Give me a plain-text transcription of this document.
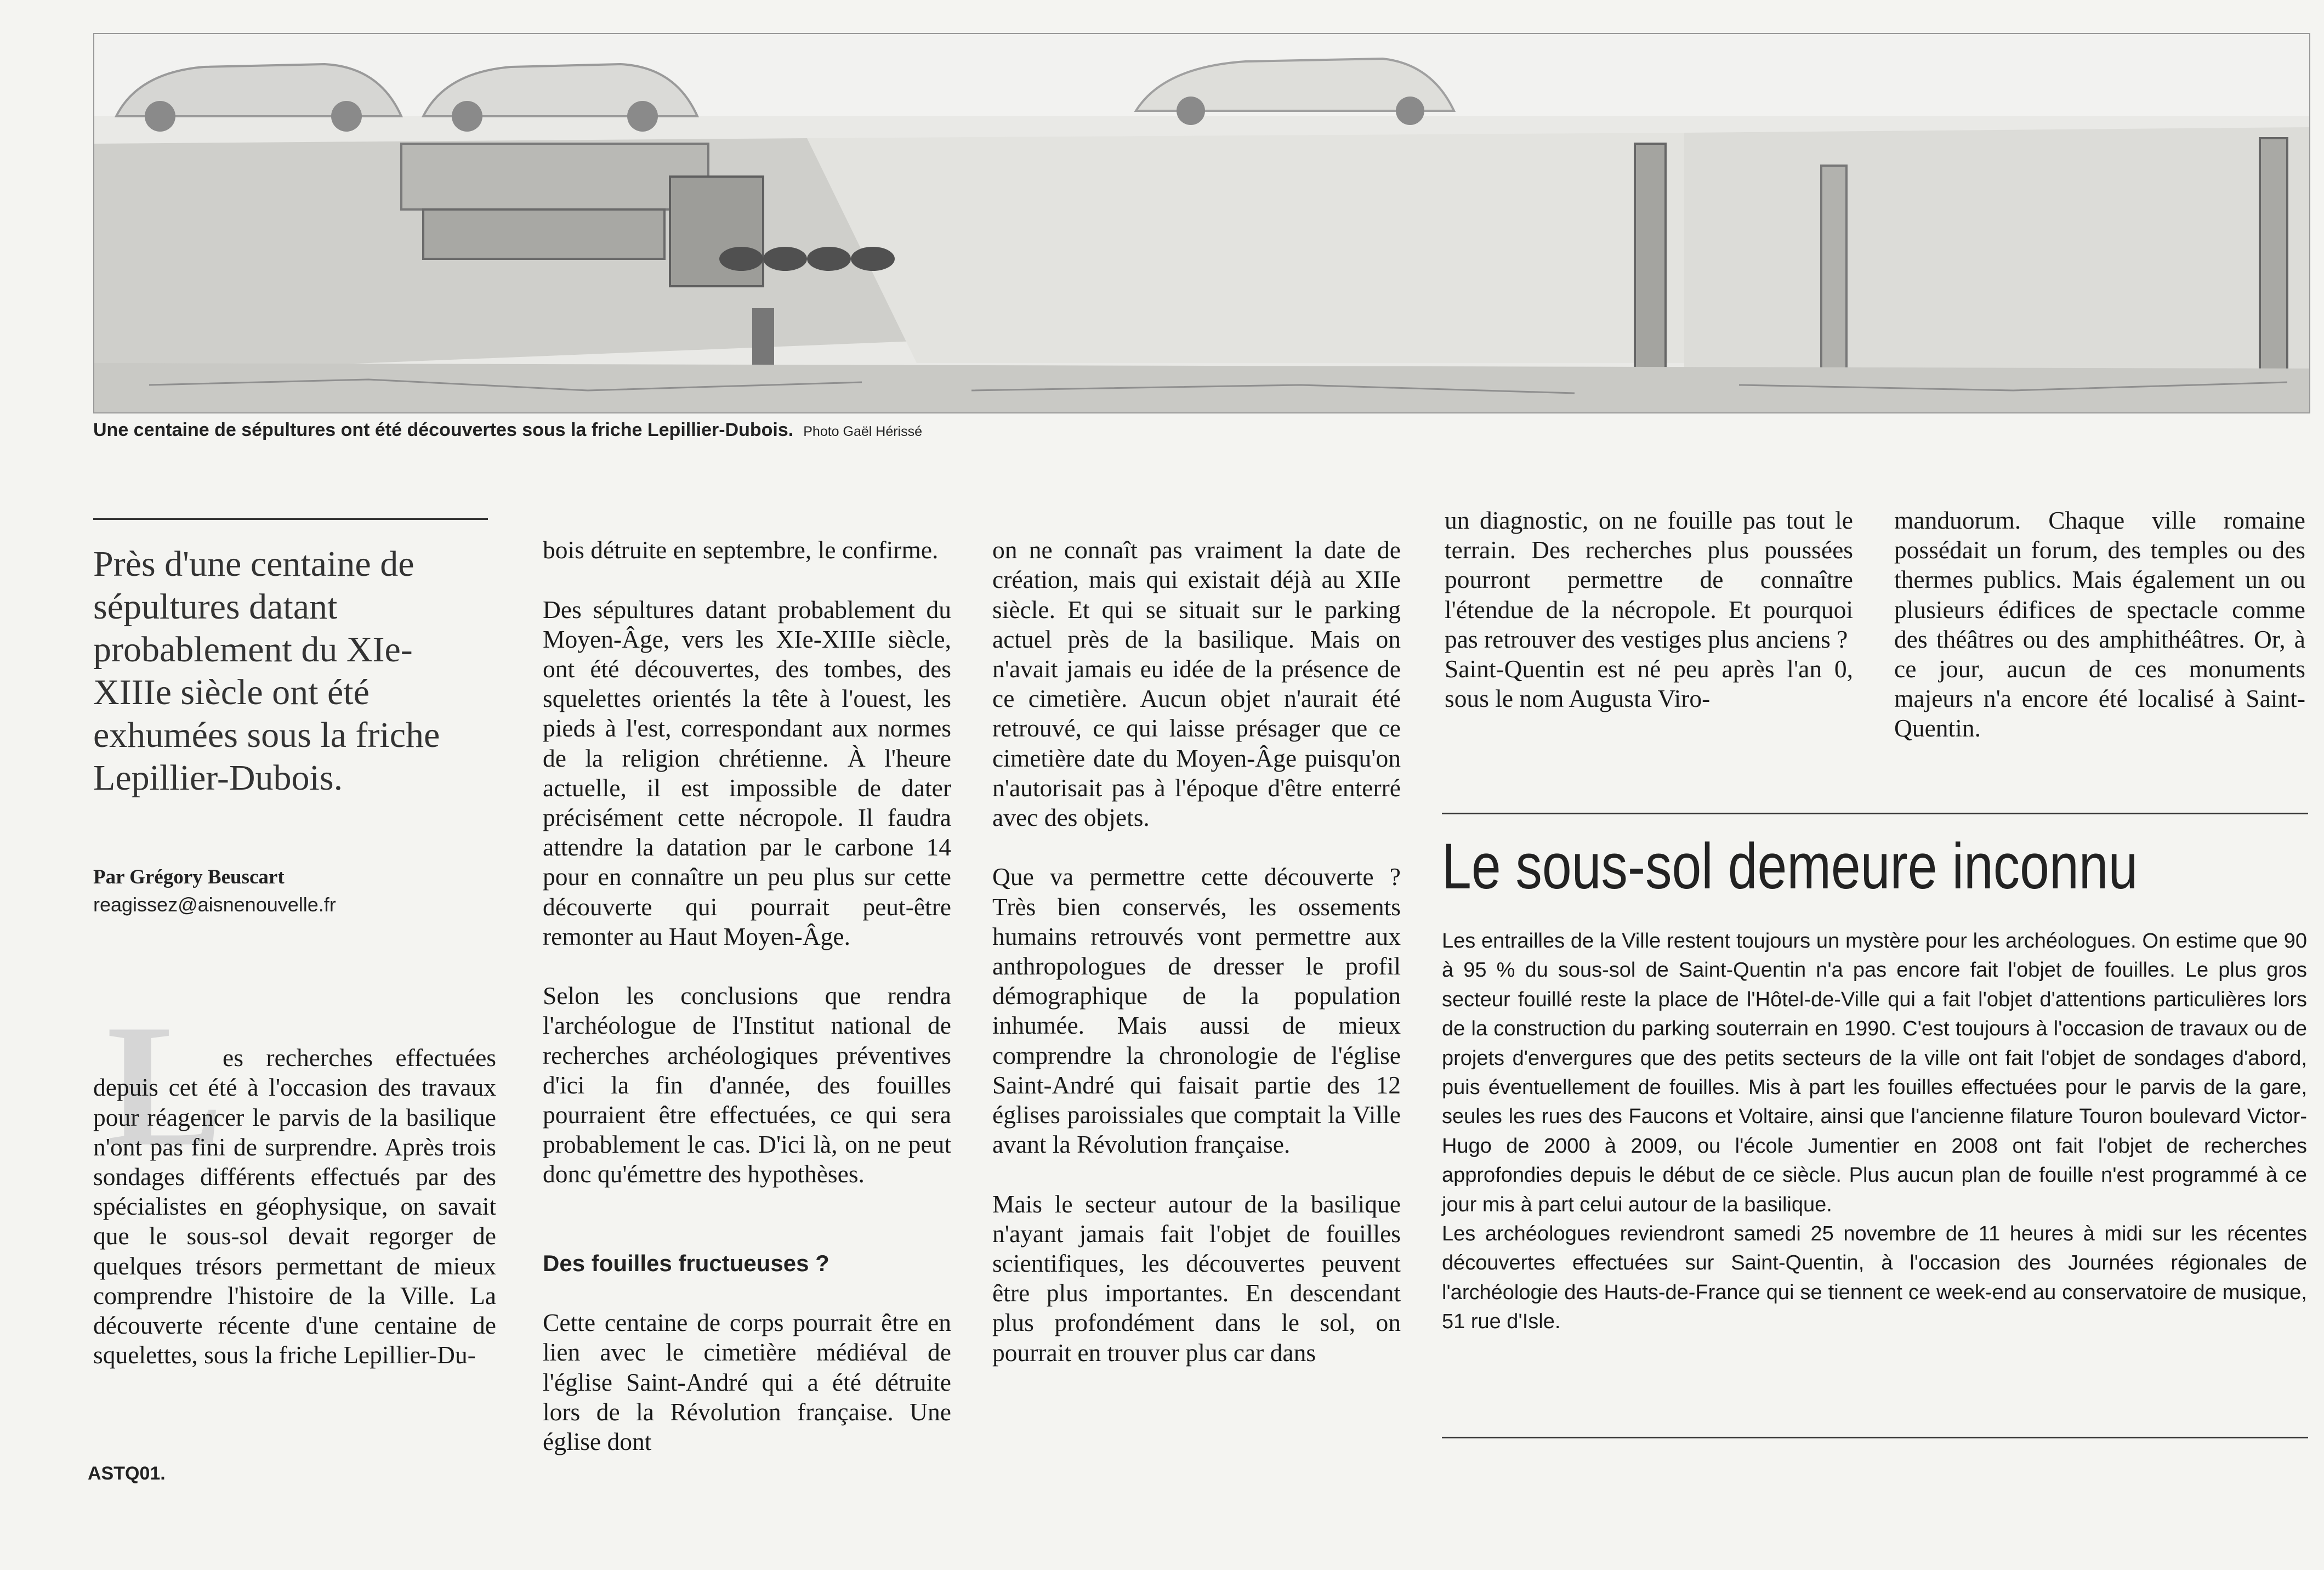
Une centaine de sépultures ont été découvertes sous la friche Lepillier-Dubois. Photo Gaël Hérissé
Près d'une centaine de sépultures datant probablement du XIe-XIIIe siècle ont été exhumées sous la friche Lepillier-Dubois.
Par Grégory Beuscart
reagissez@aisnenouvelle.fr
L

es recherches effectuées depuis cet été à l'occasion des travaux pour réagencer le parvis de la basilique n'ont pas fini de surprendre. Après trois sondages différents effectués par des spécialistes en géophysique, on savait que le sous-sol devait regorger de quelques trésors permettant de mieux comprendre l'histoire de la Ville. La découverte récente d'une centaine de squelettes, sous la friche Lepillier-Du-

bois détruite en septembre, le confirme.

Des sépultures datant probablement du Moyen-Âge, vers les XIe-XIIIe siècle, ont été découvertes, des tombes, des squelettes orientés la tête à l'ouest, les pieds à l'est, correspondant aux normes de la religion chrétienne. À l'heure actuelle, il est impossible de dater précisément cette nécropole. Il faudra attendre la datation par le carbone 14 pour en connaître un peu plus sur cette découverte qui pourrait peut-être remonter au Haut Moyen-Âge.

Selon les conclusions que rendra l'archéologue de l'Institut national de recherches archéologiques préventives d'ici la fin d'année, des fouilles pourraient être effectuées, ce qui sera probablement le cas. D'ici là, on ne peut donc qu'émettre des hypothèses.

Des fouilles fructueuses ?

Cette centaine de corps pourrait être en lien avec le cimetière médiéval de l'église Saint-André qui a été détruite lors de la Révolution française. Une église dont

on ne connaît pas vraiment la date de création, mais qui existait déjà au XIIe siècle. Et qui se situait sur le parking actuel près de la basilique. Mais on n'avait jamais eu idée de la présence de ce cimetière. Aucun objet n'aurait été retrouvé, ce qui laisse présager que ce cimetière date du Moyen-Âge puisqu'on n'autorisait pas à l'époque d'être enterré avec des objets.

Que va permettre cette découverte ? Très bien conservés, les ossements humains retrouvés vont permettre aux anthropologues de dresser le profil démographique de la population inhumée. Mais aussi de mieux comprendre la chronologie de l'église Saint-André qui faisait partie des 12 églises paroissiales que comptait la Ville avant la Révolution française.

Mais le secteur autour de la basilique n'ayant jamais fait l'objet de fouilles scientifiques, les découvertes peuvent être plus importantes. En descendant plus profondément dans le sol, on pourrait en trouver plus car dans

un diagnostic, on ne fouille pas tout le terrain. Des recherches plus poussées pourront permettre de connaître l'étendue de la nécropole. Et pourquoi pas retrouver des vestiges plus anciens ?
Saint-Quentin est né peu après l'an 0, sous le nom Augusta Viro-
manduorum. Chaque ville romaine possédait un forum, des temples ou des thermes publics. Mais également un ou plusieurs édifices de spectacle comme des théâtres ou des amphithéâtres. Or, à ce jour, aucun de ces monuments majeurs n'a encore été localisé à Saint-Quentin.
Le sous-sol demeure inconnu

Les entrailles de la Ville restent toujours un mystère pour les archéologues. On estime que 90 à 95 % du sous-sol de Saint-Quentin n'a pas encore fait l'objet de fouilles. Le plus gros secteur fouillé reste la place de l'Hôtel-de-Ville qui a fait l'objet d'attentions particulières lors de la construction du parking souterrain en 1990. C'est toujours à l'occasion de travaux ou de projets d'envergures que des petits secteurs de la ville ont fait l'objet de sondages d'abord, puis éventuellement de fouilles. Mis à part les fouilles effectuées pour le parvis de la gare, seules les rues des Faucons et Voltaire, ainsi que l'ancienne filature Touron boulevard Victor-Hugo de 2000 à 2009, ou l'école Jumentier en 2008 ont fait l'objet de recherches approfondies depuis le début de ce siècle. Plus aucun plan de fouille n'est programmé à ce jour mis à part celui autour de la basilique.

Les archéologues reviendront samedi 25 novembre de 11 heures à midi sur les récentes découvertes effectuées sur Saint-Quentin, à l'occasion des Journées régionales de l'archéologie des Hauts-de-France qui se tiennent ce week-end au conservatoire de musique, 51 rue d'Isle.

ASTQ01.
